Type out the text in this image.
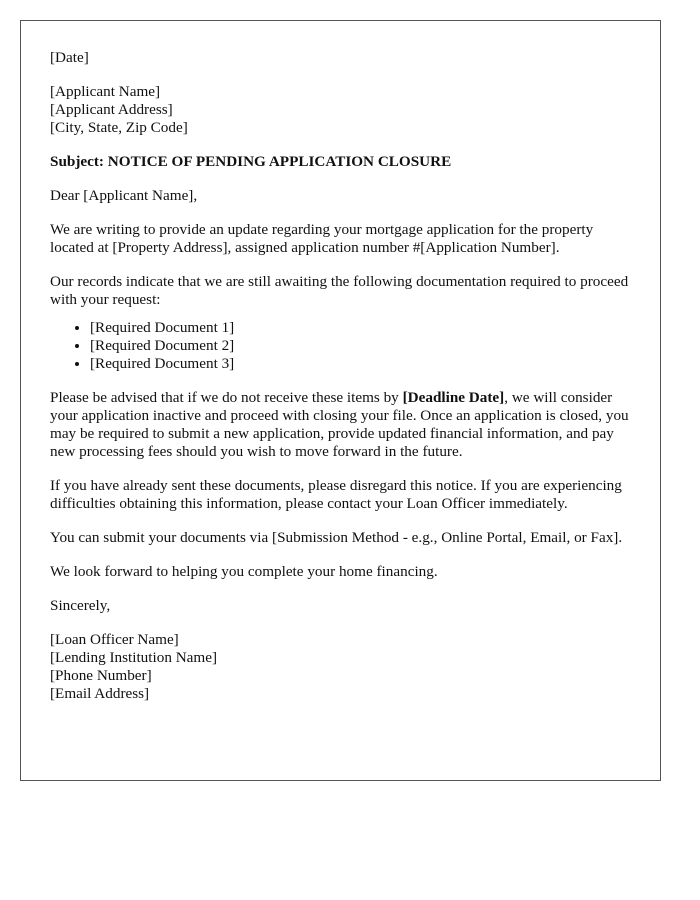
[Date]

[Applicant Name]
[Applicant Address]
[City, State, Zip Code]

Subject: NOTICE OF PENDING APPLICATION CLOSURE

Dear [Applicant Name],

We are writing to provide an update regarding your mortgage application for the property located at [Property Address], assigned application number #[Application Number].

Our records indicate that we are still awaiting the following documentation required to proceed with your request:

• [Required Document 1]
• [Required Document 2]
• [Required Document 3]

Please be advised that if we do not receive these items by [Deadline Date], we will consider your application inactive and proceed with closing your file. Once an application is closed, you may be required to submit a new application, provide updated financial information, and pay new processing fees should you wish to move forward in the future.

If you have already sent these documents, please disregard this notice. If you are experiencing difficulties obtaining this information, please contact your Loan Officer immediately.

You can submit your documents via [Submission Method - e.g., Online Portal, Email, or Fax].

We look forward to helping you complete your home financing.

Sincerely,

[Loan Officer Name]
[Lending Institution Name]
[Phone Number]
[Email Address]
